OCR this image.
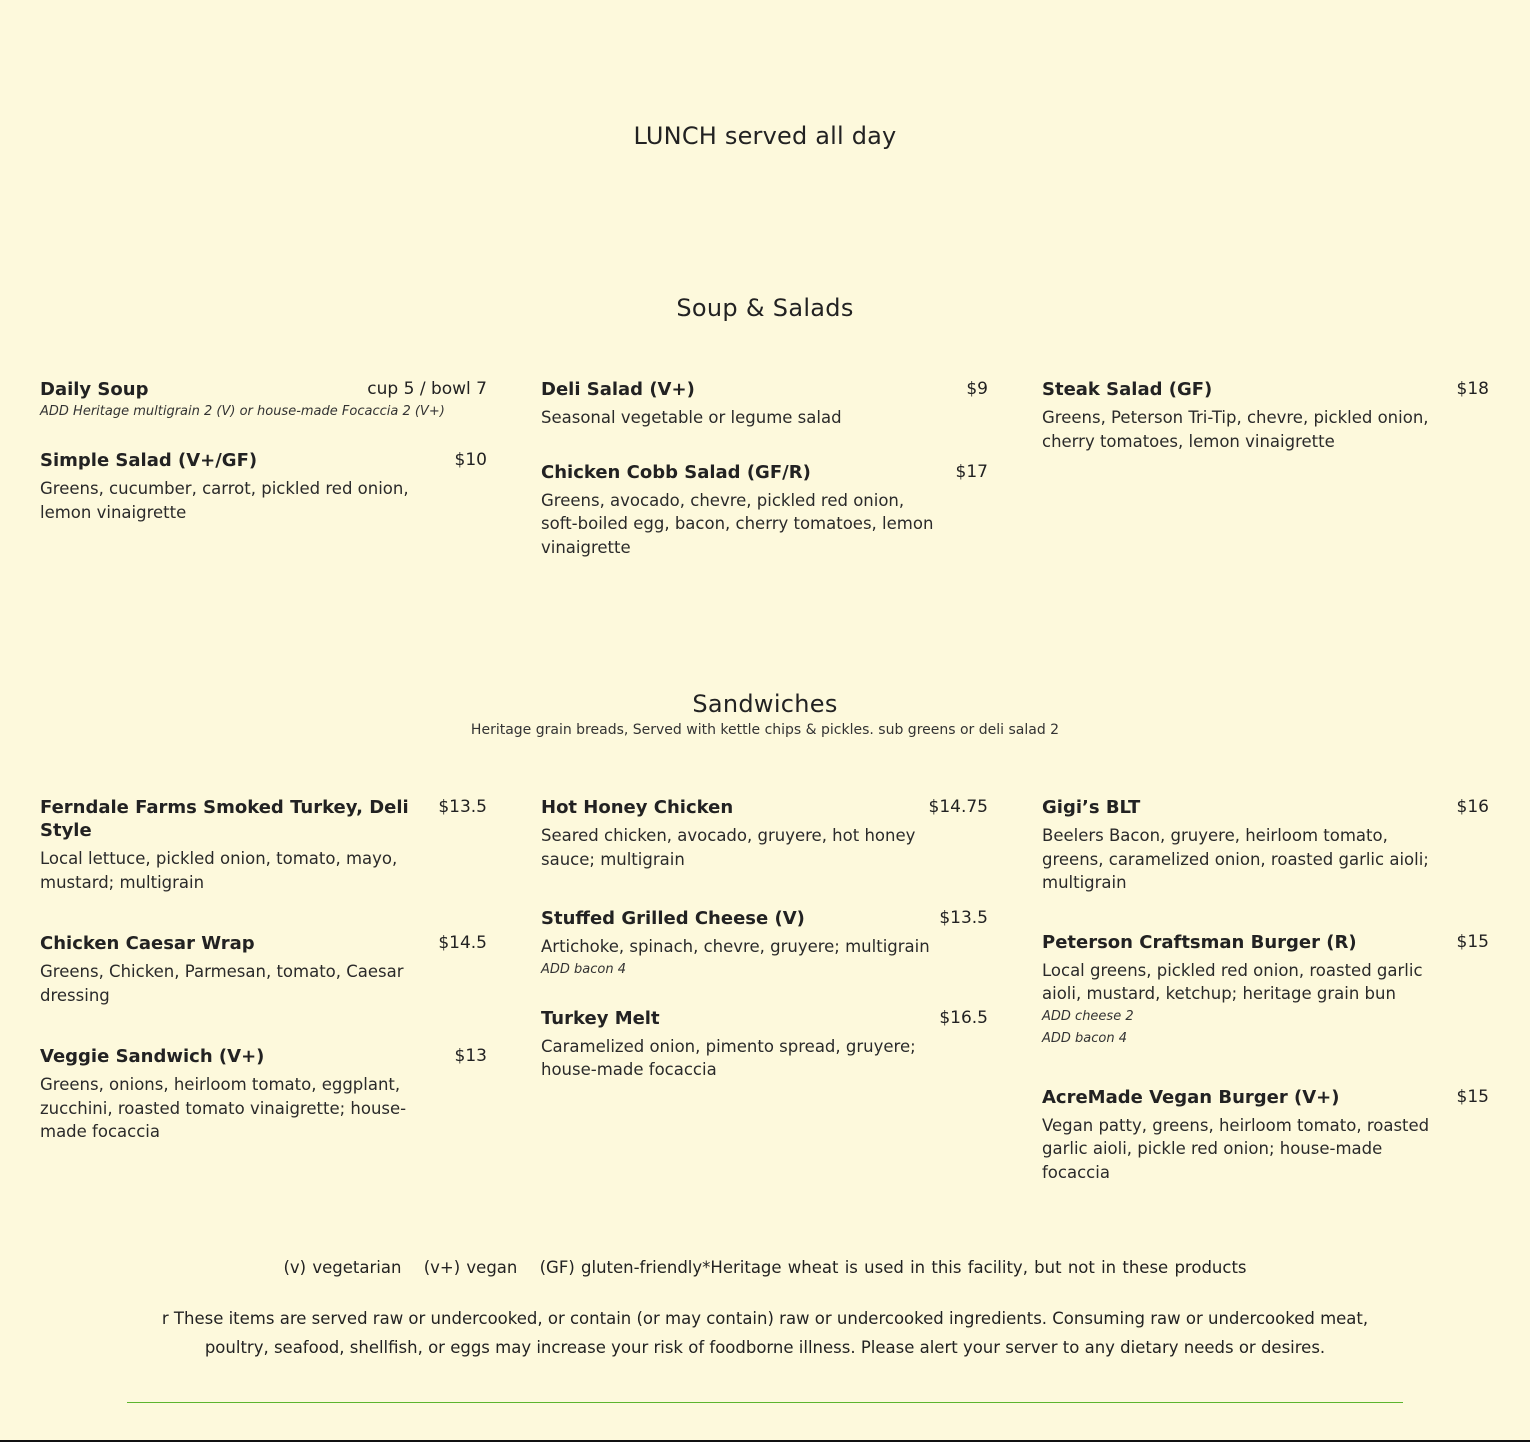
LUNCH served all day
Soup & Salads
Daily Soup	cup 5 / bowl 7
ADD Heritage multigrain 2 (V) or house-made Focaccia 2 (V+)
Simple Salad (V+/GF)	$10
Greens, cucumber, carrot, pickled red onion, lemon vinaigrette
Deli Salad (V+)	$9
Seasonal vegetable or legume salad
Chicken Cobb Salad (GF/R)	$17
Greens, avocado, chevre, pickled red onion, soft-boiled egg, bacon, cherry tomatoes, lemon vinaigrette
Steak Salad (GF)	$18
Greens, Peterson Tri-Tip, chevre, pickled onion, cherry tomatoes, lemon vinaigrette
Sandwiches
Heritage grain breads, Served with kettle chips & pickles. sub greens or deli salad 2
Ferndale Farms Smoked Turkey, Deli Style
$13.5
Local lettuce, pickled onion, tomato, mayo, mustard; multigrain
Chicken Caesar Wrap	$14.5
Greens, Chicken, Parmesan, tomato, Caesar dressing
Veggie Sandwich (V+)	$13
Greens, onions, heirloom tomato, eggplant, zucchini, roasted tomato vinaigrette; house-made focaccia
Hot Honey Chicken	$14.75
Seared chicken, avocado, gruyere, hot honey sauce; multigrain
Stuffed Grilled Cheese (V)	$13.5
Artichoke, spinach, chevre, gruyere; multigrain
ADD bacon 4
Turkey Melt	$16.5
Caramelized onion, pimento spread, gruyere; house-made focaccia
Gigi’s BLT	$16
Beelers Bacon, gruyere, heirloom tomato, greens, caramelized onion, roasted garlic aioli; multigrain
Peterson Craftsman Burger (R)	$15
Local greens, pickled red onion, roasted garlic aioli, mustard, ketchup; heritage grain bun
ADD cheese 2
ADD bacon 4
AcreMade Vegan Burger (V+)	$15
Vegan patty, greens, heirloom tomato, roasted garlic aioli, pickle red onion; house-made focaccia
(v) vegetarian (v+) vegan (GF) gluten-friendly*Heritage wheat is used in this facility, but not in these products
r These items are served raw or undercooked, or contain (or may contain) raw or undercooked ingredients. Consuming raw or undercooked meat, poultry, seafood, shellfish, or eggs may increase your risk of foodborne illness. Please alert your server to any dietary needs or desires.
